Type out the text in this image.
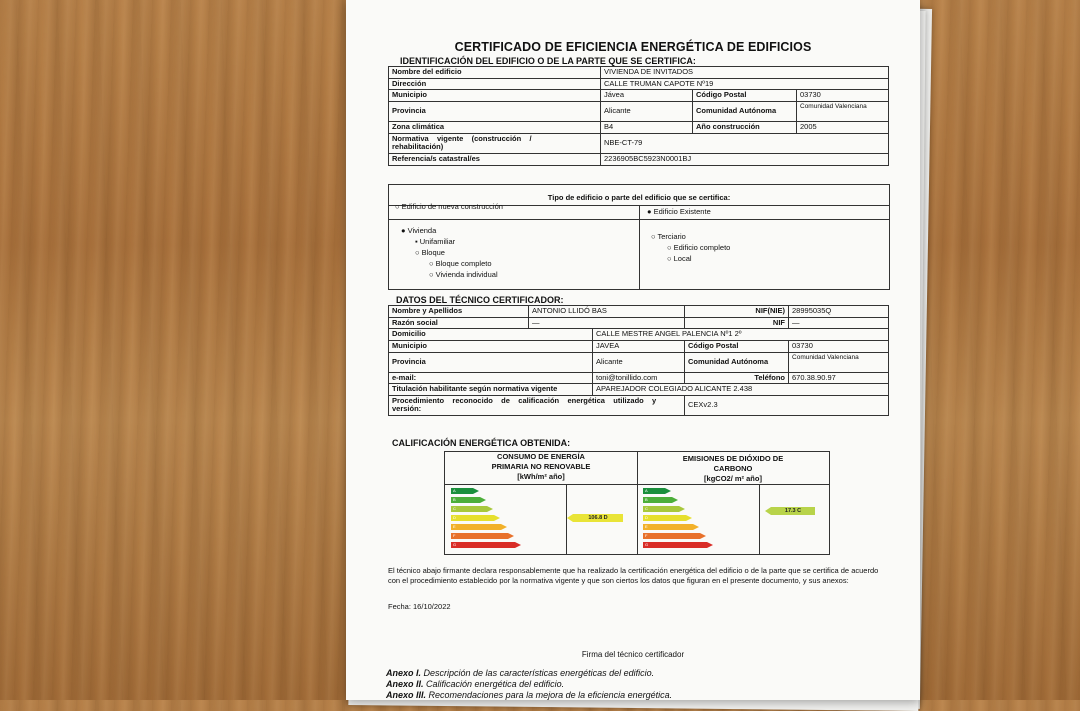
CERTIFICADO DE EFICIENCIA ENERGÉTICA DE EDIFICIOS
IDENTIFICACIÓN DEL EDIFICIO O DE LA PARTE QUE SE CERTIFICA:
Nombre del edificio	VIVIENDA DE INVITADOS		
Dirección	CALLE TRUMAN CAPOTE Nº19		
Municipio	Jávea	Código Postal	03730
Provincia	Alicante	Comunidad Autónoma	Comunidad Valenciana
Zona climática	B4	Año construcción	2005

Normativa    vigente    (construcción    /
rehabilitación)	NBE-CT-79		
Referencia/s catastral/es	2236905BC5923N0001BJ		
Tipo de edificio o parte del edificio que se certifica:
○ Edificio de nueva construcción
● Edificio Existente
● Vivienda
▪ Unifamiliar
○ Bloque
○ Bloque completo
○ Vivienda individual
○ Terciario
○ Edificio completo
○ Local
DATOS DEL TÉCNICO CERTIFICADOR:
Nombre y Apellidos	ANTONIO LLIDÓ BAS		NIF(NIE)	28995035Q
Razón social	—		NIF	—
Domicilio		CALLE MESTRE ANGEL PALENCIA Nº1 2º		
Municipio		JAVEA	Código Postal	03730
Provincia		Alicante	Comunidad Autónoma	Comunidad Valenciana
e-mail:		toni@tonillido.com	Teléfono	670.38.90.97
Titulación habilitante según normativa vigente		APAREJADOR COLEGIADO ALICANTE 2.438		

Procedimiento    reconocido    de    calificación    energética    utilizado    y
versión:			CEXv2.3	
CALIFICACIÓN ENERGÉTICA OBTENIDA:
CONSUMO DE ENERGÍA
PRIMARIA NO RENOVABLE
[kWh/m² año]
EMISIONES DE DIÓXIDO DE
CARBONO
[kgCO2/ m² año]
A
B
C
D
E
F
G
A
B
C
D
E
F
G
106.8 D
17.3 C
El técnico abajo firmante declara responsablemente que ha realizado la certificación energética del edificio o de la parte que se certifica de acuerdo con el procedimiento establecido por la normativa vigente y que son ciertos los datos que figuran en el presente documento, y sus anexos:
Fecha: 16/10/2022
Firma del técnico certificador
Anexo I. Descripción de las características energéticas del edificio.
Anexo II. Calificación energética del edificio.
Anexo III. Recomendaciones para la mejora de la eficiencia energética.
